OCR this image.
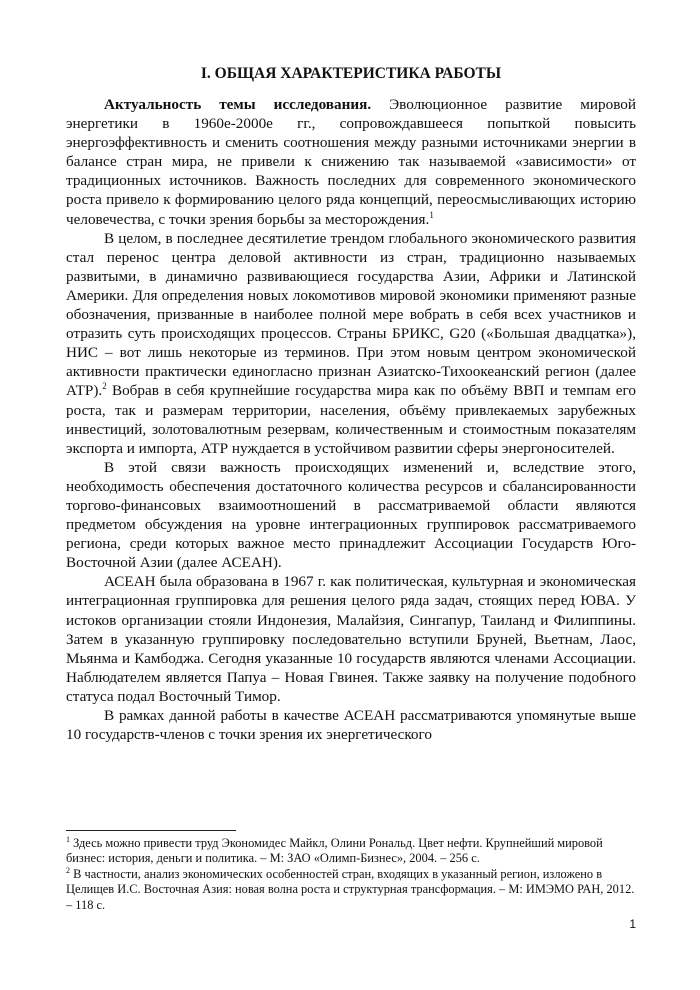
I. ОБЩАЯ ХАРАКТЕРИСТИКА РАБОТЫ

Актуальность темы исследования. Эволюционное развитие мировой энергетики в 1960е-2000е гг., сопровождавшееся попыткой повысить энергоэффективность и сменить соотношения между разными источниками энергии в балансе стран мира, не привели к снижению так называемой «зависимости» от традиционных источников. Важность последних для современного экономического роста привело к формированию целого ряда концепций, переосмысливающих историю человечества, с точки зрения борьбы за месторождения.$^1$

В целом, в последнее десятилетие трендом глобального экономического развития стал перенос центра деловой активности из стран, традиционно называемых развитыми, в динамично развивающиеся государства Азии, Африки и Латинской Америки. Для определения новых локомотивов мировой экономики применяют разные обозначения, призванные в наиболее полной мере вобрать в себя всех участников и отразить суть происходящих процессов. Страны БРИКС, G20 («Большая двадцатка»), НИС – вот лишь некоторые из терминов. При этом новым центром экономической активности практически единогласно признан Азиатско-Тихоокеанский регион (далее АТР).$^2$ Вобрав в себя крупнейшие государства мира как по объёму ВВП и темпам его роста, так и размерам территории, населения, объёму привлекаемых зарубежных инвестиций, золотовалютным резервам, количественным и стоимостным показателям экспорта и импорта, АТР нуждается в устойчивом развитии сферы энергоносителей.

В этой связи важность происходящих изменений и, вследствие этого, необходимость обеспечения достаточного количества ресурсов и сбалансированности торгово-финансовых взаимоотношений в рассматриваемой области являются предметом обсуждения на уровне интеграционных группировок рассматриваемого региона, среди которых важное место принадлежит Ассоциации Государств Юго-Восточной Азии (далее АСЕАН).

АСЕАН была образована в 1967 г. как политическая, культурная и экономическая интеграционная группировка для решения целого ряда задач, стоящих перед ЮВА. У истоков организации стояли Индонезия, Малайзия, Сингапур, Таиланд и Филиппины. Затем в указанную группировку последовательно вступили Бруней, Вьетнам, Лаос, Мьянма и Камбоджа. Сегодня указанные 10 государств являются членами Ассоциации. Наблюдателем является Папуа – Новая Гвинея. Также заявку на получение подобного статуса подал Восточный Тимор.

В рамках данной работы в качестве АСЕАН рассматриваются упомянутые выше 10 государств-членов с точки зрения их энергетического

$^1$ Здесь можно привести труд Экономидес Майкл, Олини Рональд. Цвет нефти. Крупнейший мировой бизнес: история, деньги и политика. – М: ЗАО «Олимп-Бизнес», 2004. – 256 с.

$^2$ В частности, анализ экономических особенностей стран, входящих в указанный регион, изложено в Целищев И.С. Восточная Азия: новая волна роста и структурная трансформация. – М: ИМЭМО РАН, 2012. – 118 с.

1
